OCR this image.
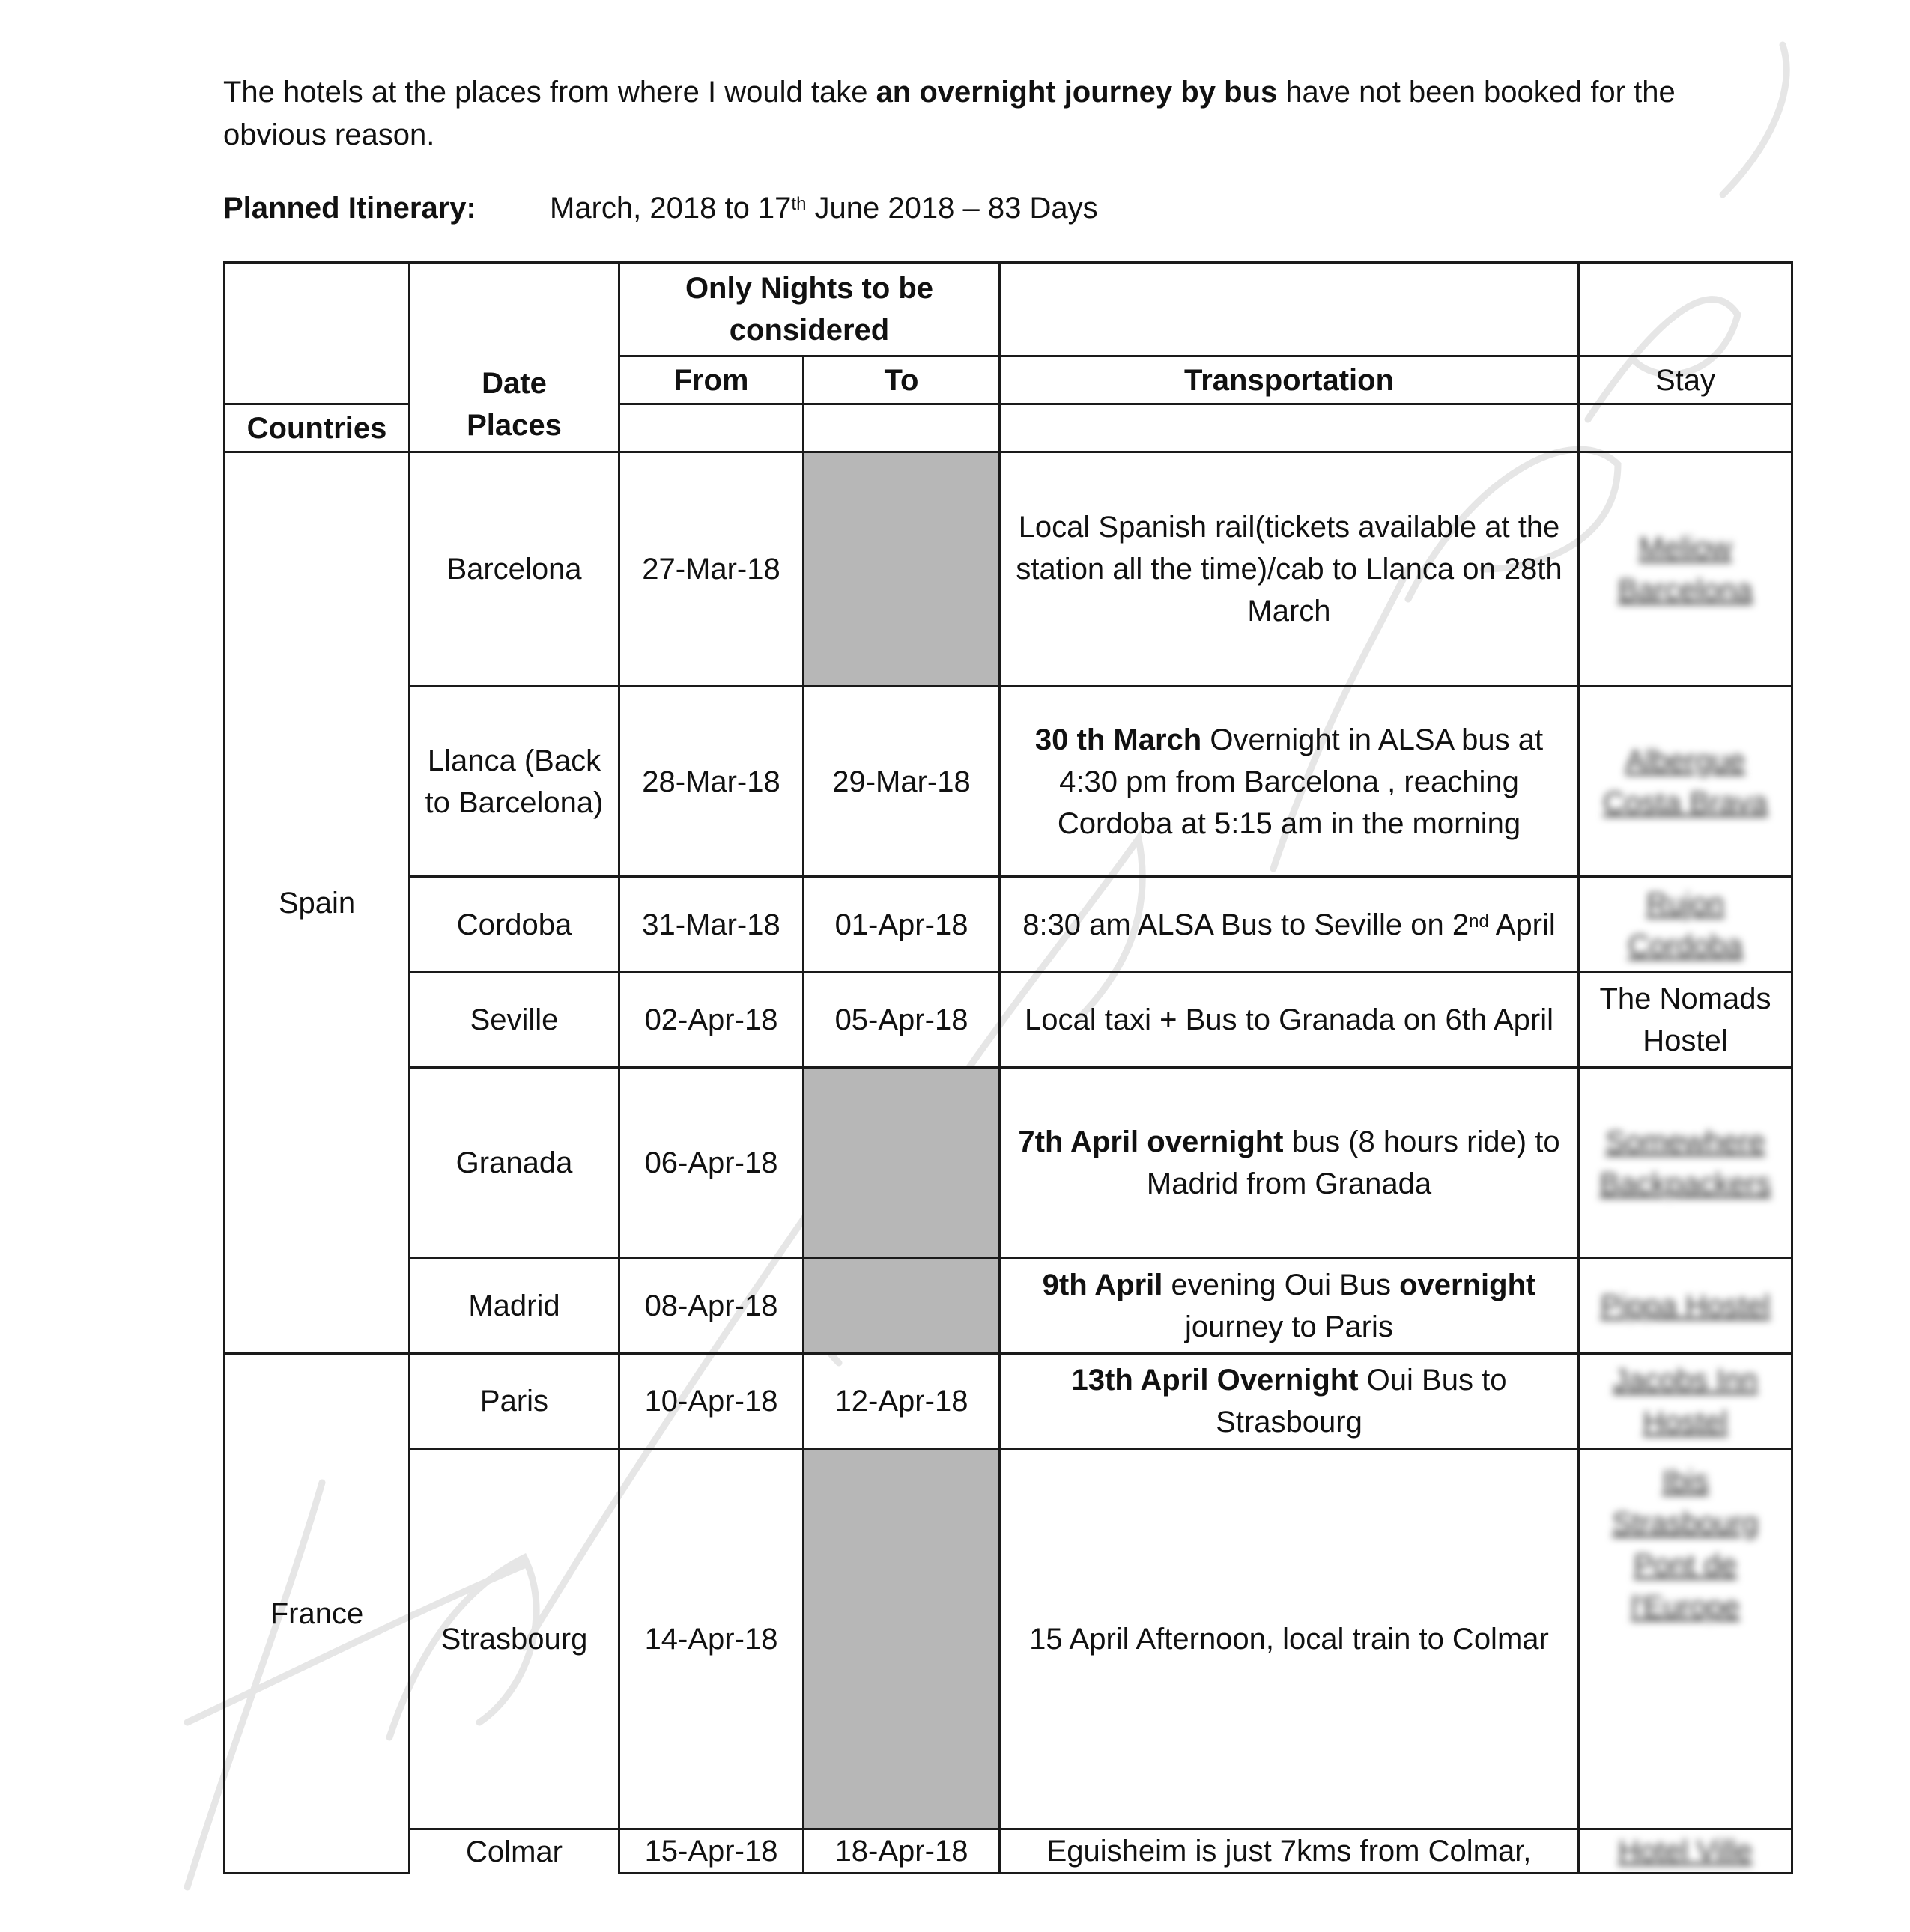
The hotels at the places from where I would take an overnight journey by bus have not been booked for the obvious reason.
Planned Itinerary: March, 2018 to 17th June 2018 – 83 Days
		Only Nights to be considered			
	Date	From	To	Transportation	Stay
Countries	Places				
Spain	Barcelona	27-Mar-18		Local Spanish rail(tickets available at the station all the time)/cab to Llanca on 28th March	Meliow Barcelona
	Llanca (Back to Barcelona)	28-Mar-18	29-Mar-18	30 th March Overnight in ALSA bus at 4:30 pm from Barcelona , reaching Cordoba at 5:15 am in the morning	Albergue Costa Brava
	Cordoba	31-Mar-18	01-Apr-18	8:30 am ALSA Bus to Seville on 2nd April	Rujon Cordoba
	Seville	02-Apr-18	05-Apr-18	Local taxi + Bus to Granada on 6th April	The Nomads Hostel
	Granada	06-Apr-18		7th April overnight bus (8 hours ride) to Madrid from Granada	Somewhere Backpackers
	Madrid	08-Apr-18		9th April evening Oui Bus overnight journey to Paris	Pippa Hostel
France	Paris	10-Apr-18	12-Apr-18	13th April Overnight Oui Bus to Strasbourg	Jacobs Inn Hostel
	Strasbourg	14-Apr-18		15 April Afternoon, local train to Colmar	Ibis Strasbourg Pont de l'Europe
	Colmar	15-Apr-18	18-Apr-18	Eguisheim is just 7kms from Colmar,	Hotel Ville
